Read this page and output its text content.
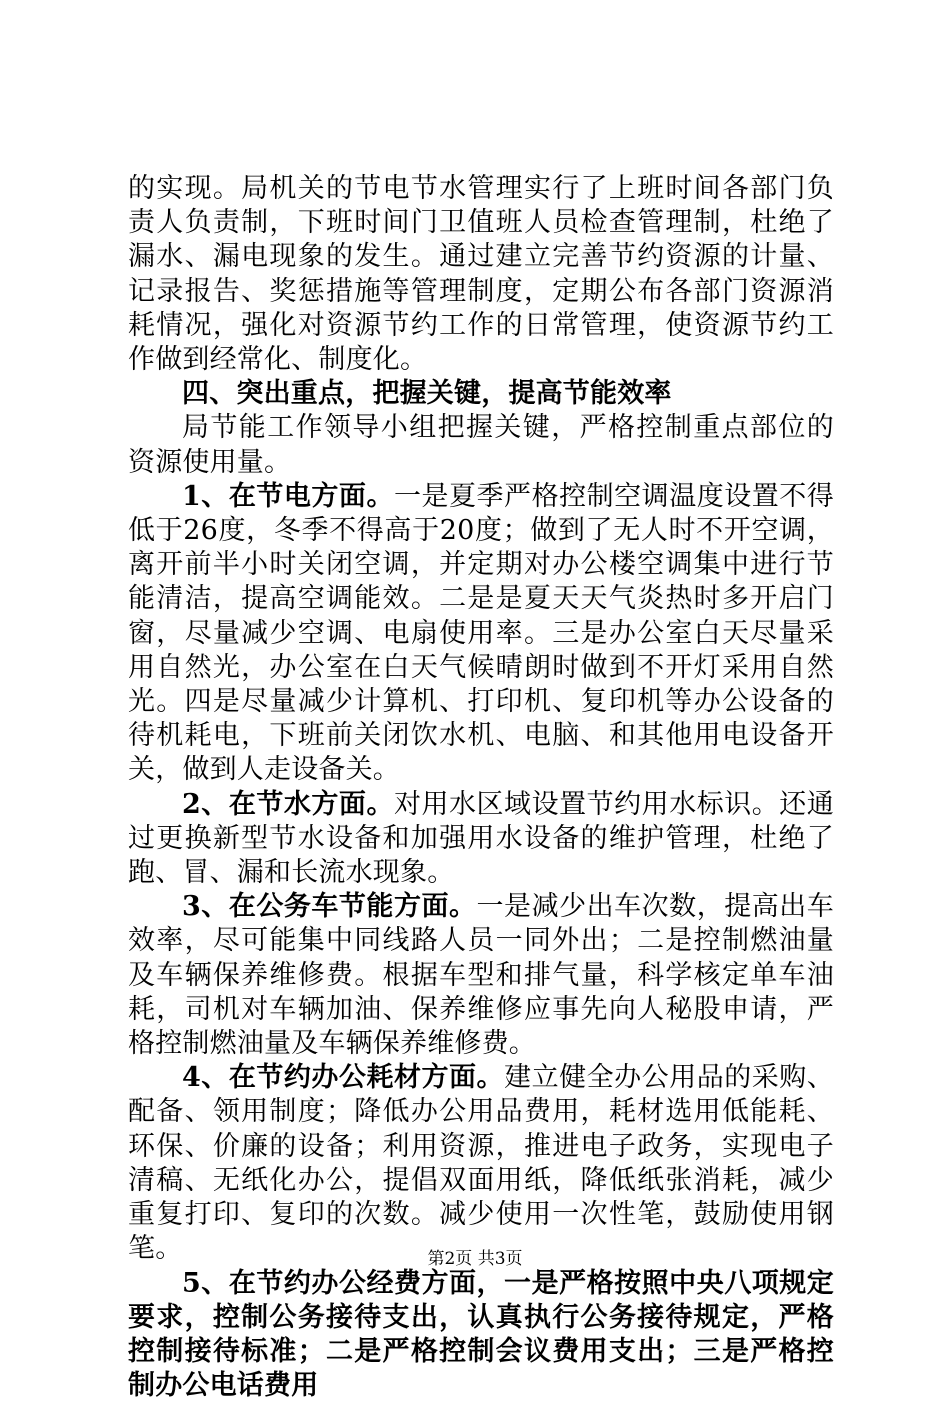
的实现。局机关的节电节水管理实行了上班时间各部门负责人负责制，下班时间门卫值班人员检查管理制，杜绝了漏水、漏电现象的发生。通过建立完善节约资源的计量、记录报告、奖惩措施等管理制度，定期公布各部门资源消耗情况，强化对资源节约工作的日常管理，使资源节约工作做到经常化、制度化。

四、突出重点，把握关键，提高节能效率

局节能工作领导小组把握关键，严格控制重点部位的资源使用量。

1、在节电方面。一是夏季严格控制空调温度设置不得低于26度，冬季不得高于20度；做到了无人时不开空调，离开前半小时关闭空调，并定期对办公楼空调集中进行节能清洁，提高空调能效。二是是夏天天气炎热时多开启门窗，尽量减少空调、电扇使用率。三是办公室白天尽量采用自然光，办公室在白天气候晴朗时做到不开灯采用自然光。四是尽量减少计算机、打印机、复印机等办公设备的待机耗电，下班前关闭饮水机、电脑、和其他用电设备开关，做到人走设备关。

2、在节水方面。对用水区域设置节约用水标识。还通过更换新型节水设备和加强用水设备的维护管理，杜绝了跑、冒、漏和长流水现象。

3、在公务车节能方面。一是减少出车次数，提高出车效率，尽可能集中同线路人员一同外出；二是控制燃油量及车辆保养维修费。根据车型和排气量，科学核定单车油耗，司机对车辆加油、保养维修应事先向人秘股申请，严格控制燃油量及车辆保养维修费。

4、在节约办公耗材方面。建立健全办公用品的采购、配备、领用制度；降低办公用品费用，耗材选用低能耗、环保、价廉的设备；利用资源，推进电子政务，实现电子清稿、无纸化办公，提倡双面用纸，降低纸张消耗，减少重复打印、复印的次数。减少使用一次性笔，鼓励使用钢笔。

5、在节约办公经费方面，一是严格按照中央八项规定要求，控制公务接待支出，认真执行公务接待规定，严格控制接待标准；二是严格控制会议费用支出；三是严格控制办公电话费用

第2页 共3页
